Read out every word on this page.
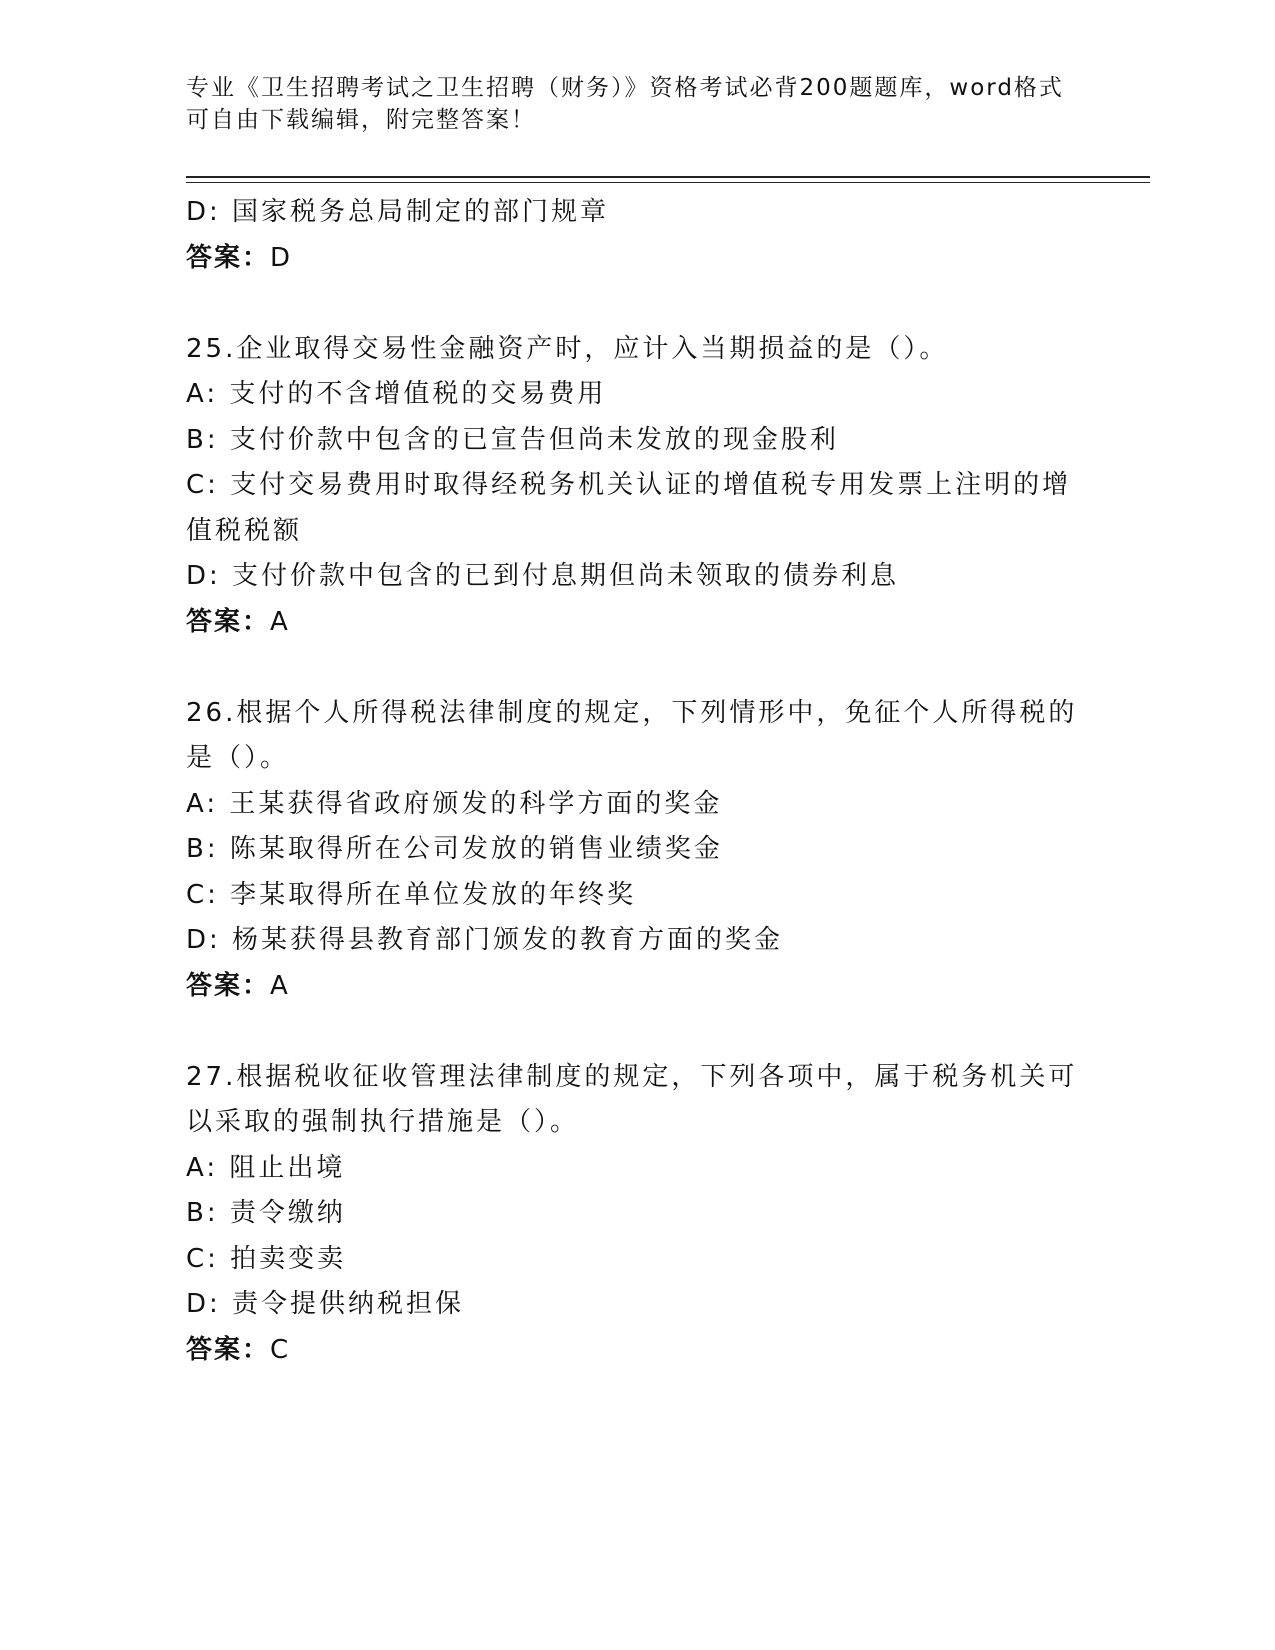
专业《卫生招聘考试之卫生招聘（财务）》资格考试必背200题题库，word格式
可自由下载编辑，附完整答案！
D: 国家税务总局制定的部门规章
答案：D
25.企业取得交易性金融资产时，应计入当期损益的是（）。
A: 支付的不含增值税的交易费用
B: 支付价款中包含的已宣告但尚未发放的现金股利
C: 支付交易费用时取得经税务机关认证的增值税专用发票上注明的增
值税税额
D: 支付价款中包含的已到付息期但尚未领取的债券利息
答案：A
26.根据个人所得税法律制度的规定，下列情形中，免征个人所得税的
是（）。
A: 王某获得省政府颁发的科学方面的奖金
B: 陈某取得所在公司发放的销售业绩奖金
C: 李某取得所在单位发放的年终奖
D: 杨某获得县教育部门颁发的教育方面的奖金
答案：A
27.根据税收征收管理法律制度的规定，下列各项中，属于税务机关可
以采取的强制执行措施是（）。
A: 阻止出境
B: 责令缴纳
C: 拍卖变卖
D: 责令提供纳税担保
答案：C
